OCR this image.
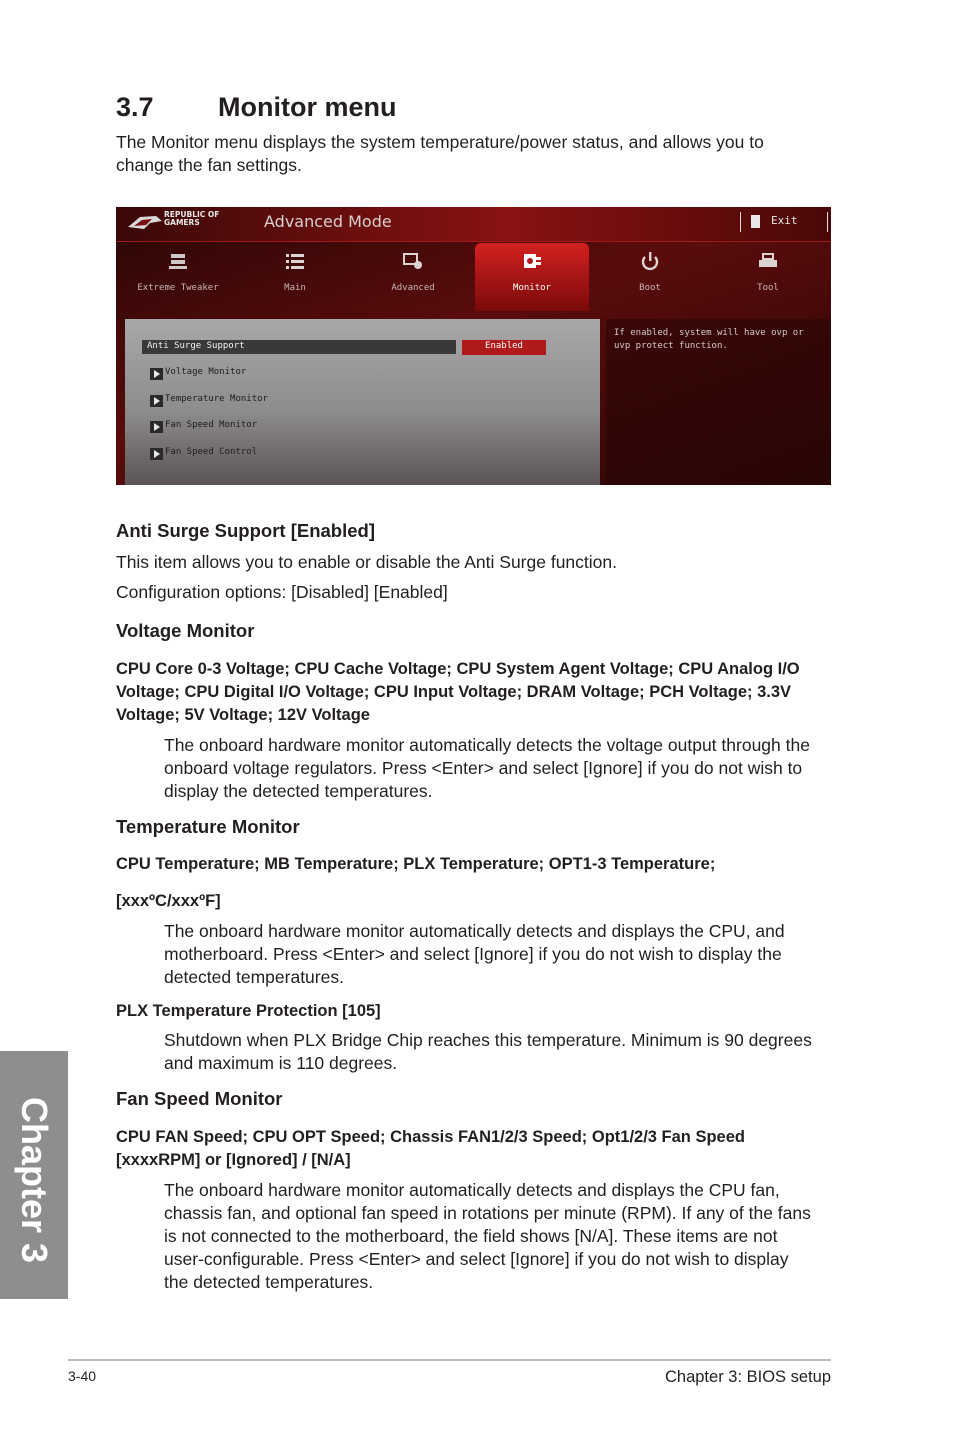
3.7 Monitor menu
The Monitor menu displays the system temperature/power status, and allows you to change the fan settings.
REPUBLIC OF
GAMERS	Advanced Mode	Exit
Extreme Tweaker	Main	Advanced	Monitor	Boot	Tool
Anti Surge Support	Enabled
Voltage Monitor
Temperature Monitor
Fan Speed Monitor
Fan Speed Control
If enabled, system will have ovp or uvp protect function.
Anti Surge Support [Enabled]
This item allows you to enable or disable the Anti Surge function.
Configuration options: [Disabled] [Enabled]
Voltage Monitor
CPU Core 0-3 Voltage; CPU Cache Voltage; CPU System Agent Voltage; CPU Analog I/O Voltage; CPU Digital I/O Voltage; CPU Input Voltage; DRAM Voltage; PCH Voltage; 3.3V Voltage; 5V Voltage; 12V Voltage
The onboard hardware monitor automatically detects the voltage output through the onboard voltage regulators. Press <Enter> and select [Ignore] if you do not wish to display the detected temperatures.
Temperature Monitor
CPU Temperature; MB Temperature; PLX Temperature; OPT1-3 Temperature;
[xxxºC/xxxºF]
The onboard hardware monitor automatically detects and displays the CPU, and motherboard. Press <Enter> and select [Ignore] if you do not wish to display the detected temperatures.
PLX Temperature Protection [105]
Shutdown when PLX Bridge Chip reaches this temperature. Minimum is 90 degrees and maximum is 110 degrees.
Fan Speed Monitor
CPU FAN Speed; CPU OPT Speed; Chassis FAN1/2/3 Speed; Opt1/2/3 Fan Speed [xxxxRPM] or [Ignored] / [N/A]
The onboard hardware monitor automatically detects and displays the CPU fan, chassis fan, and optional fan speed in rotations per minute (RPM). If any of the fans is not connected to the motherboard, the field shows [N/A]. These items are not user-configurable. Press <Enter> and select [Ignore] if you do not wish to display the detected temperatures.
Chapter 3
3-40	Chapter 3: BIOS setup
